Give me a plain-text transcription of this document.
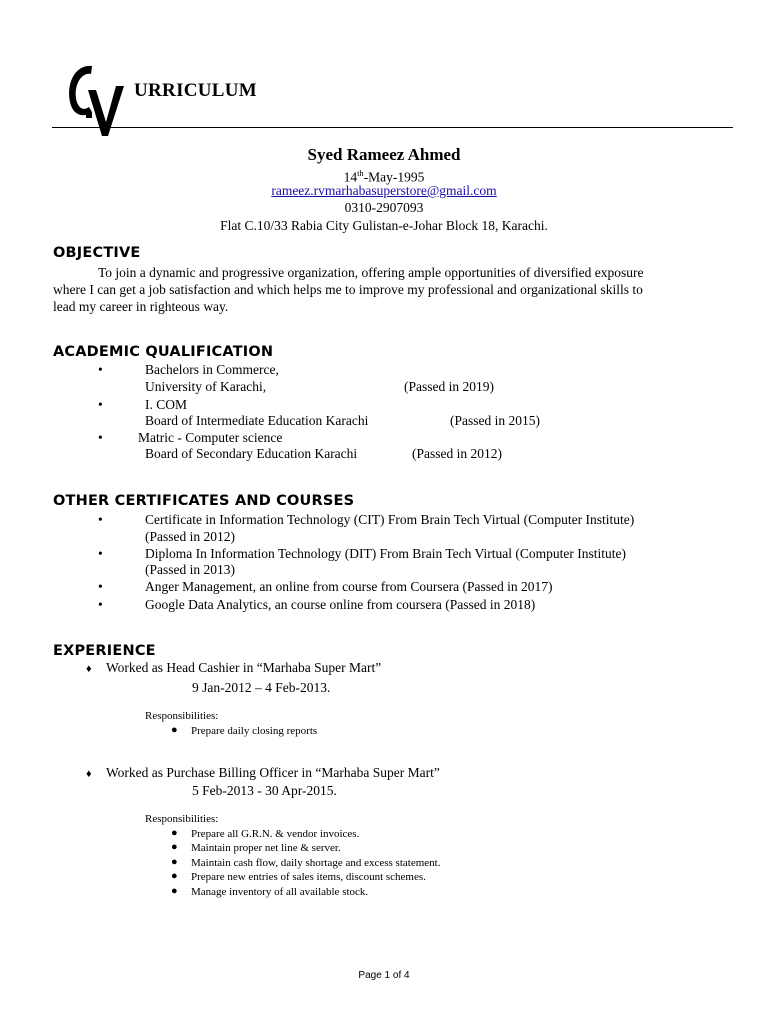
URRICULUM
Syed Rameez Ahmed
14th-May-1995
rameez.rvmarhabasuperstore@gmail.com
0310-2907093
Flat C.10/33 Rabia City Gulistan-e-Johar Block 18, Karachi.
OBJECTIVE
To join a dynamic and progressive organization, offering ample opportunities of diversified exposure
where I can get a job satisfaction and which helps me to improve my professional and organizational skills to
lead my career in righteous way.
ACADEMIC QUALIFICATION
•	Bachelors in Commerce,
University of Karachi,	(Passed in 2019)
•	I. COM
Board of Intermediate Education Karachi	(Passed in 2015)
•	Matric - Computer science
Board of Secondary Education Karachi	(Passed in 2012)
OTHER CERTIFICATES AND COURSES
•	Certificate in Information Technology (CIT) From Brain Tech Virtual (Computer Institute)
(Passed in 2012)
•	Diploma In Information Technology (DIT) From Brain Tech Virtual (Computer Institute)
(Passed in 2013)
•	Anger Management, an online from course from Coursera (Passed in 2017)
•	Google Data Analytics, an course online from coursera (Passed in 2018)
EXPERIENCE
♦ Worked as Head Cashier in “Marhaba Super Mart”
9 Jan-2012 – 4 Feb-2013.
Responsibilities:
● Prepare daily closing reports
♦ Worked as Purchase Billing Officer in “Marhaba Super Mart”
5 Feb-2013 - 30 Apr-2015.
Responsibilities:
● Prepare all G.R.N. & vendor invoices.
● Maintain proper net line & server.
● Maintain cash flow, daily shortage and excess statement.
● Prepare new entries of sales items, discount schemes.
● Manage inventory of all available stock.
Page 1 of 4
